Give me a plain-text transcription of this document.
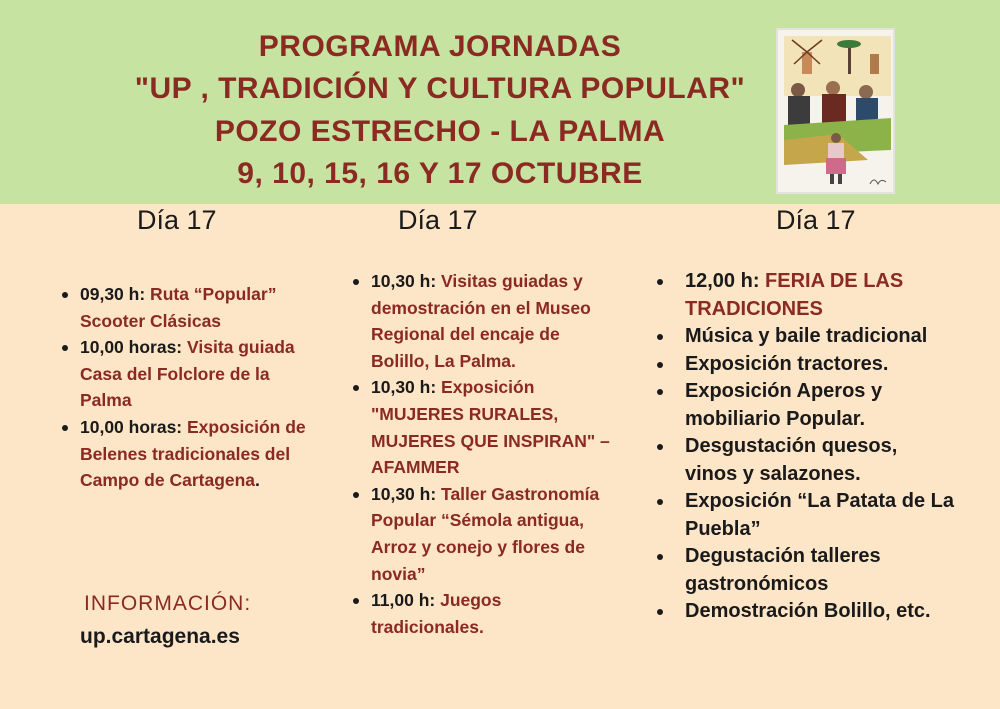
PROGRAMA JORNADAS
"UP , TRADICIÓN Y CULTURA POPULAR"
POZO ESTRECHO - LA PALMA
9, 10, 15, 16 Y 17 OCTUBRE
Día 17	Día 17	Día 17
09,30 h: Ruta “Popular” Scooter Clásicas
10,00 horas: Visita guiada Casa del Folclore de la Palma
10,00 horas: Exposición de Belenes tradicionales del Campo de Cartagena.
INFORMACIÓN:
up.cartagena.es
10,30 h: Visitas guiadas y demostración en el Museo Regional del encaje de Bolillo, La Palma.
10,30 h: Exposición "MUJERES RURALES, MUJERES QUE INSPIRAN" – AFAMMER
10,30 h: Taller Gastronomía Popular “Sémola antigua, Arroz y conejo y flores de novia”
11,00 h: Juegos tradicionales.
12,00 h: FERIA DE LAS TRADICIONES
Música y baile tradicional
Exposición tractores.
Exposición Aperos y mobiliario Popular.
Desgustación quesos, vinos y salazones.
Exposición “La Patata de La Puebla”
Degustación talleres gastronómicos
Demostración Bolillo, etc.
